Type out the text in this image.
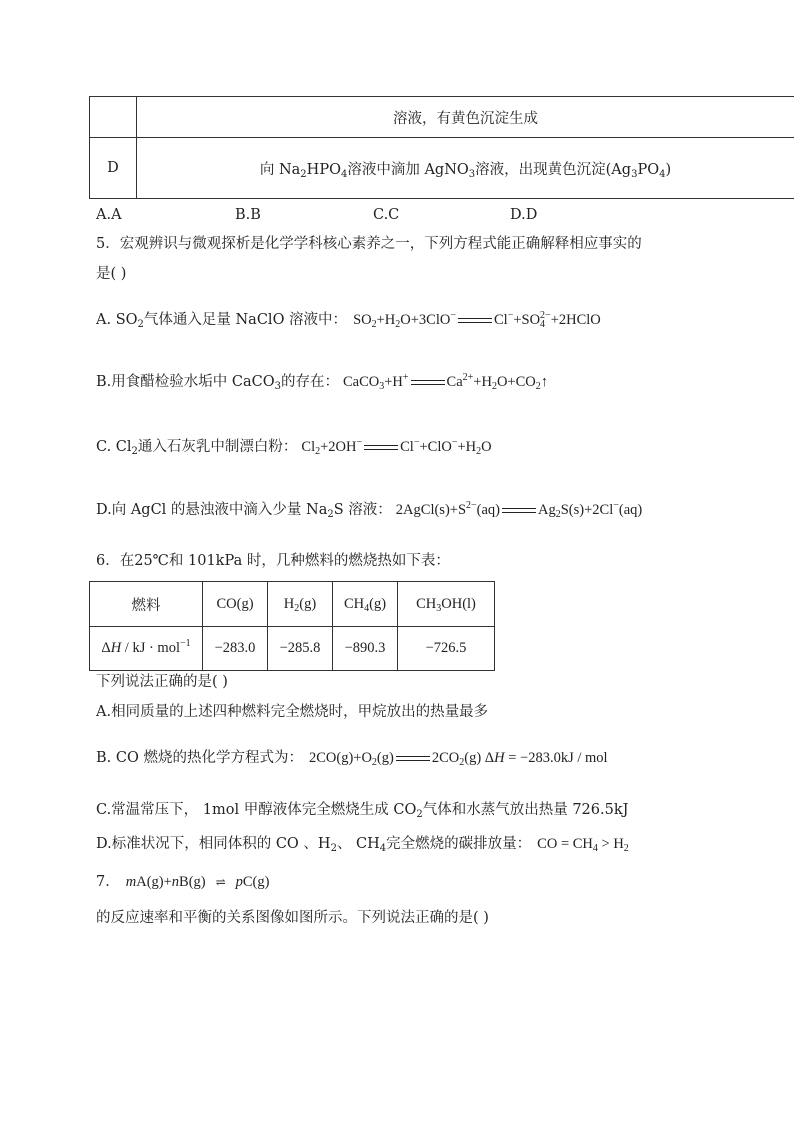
	溶液，有黄色沉淀生成
D	向 $Na_2HPO_4$溶液中滴加 AgNO$_3$溶液，出现黄色沉淀$(Ag_3PO_4)$
A.A	B.B	C.C	D.D
5．宏观辨识与微观探析是化学学科核心素养之一，下列方程式能正确解释相应事实的
是( )
A. $SO_2$气体通入足量 NaClO 溶液中： $SO_2+H_2O+3ClO^-$	$Cl^-+SO_4^{2-}+2HClO$
B.用食醋检验水垢中 CaCO$_3$的存在： CaCO$_3$+H+	$Ca^{2+}+H_2O+CO_2↑$
C. $Cl_2$通入石灰乳中制漂白粉： $Cl_2+2OH^-$	$Cl^-+ClO^-+H_2O$
D.向 AgCl 的悬浊液中滴入少量 $Na_2S$ 溶液： $2AgCl(s)+S^{2-}(aq)$	$Ag_2S(s)+2Cl^-(aq)$
6．在25℃和 101kPa 时，几种燃料的燃烧热如下表：
燃料	CO(g)	$H_2(g)$	$CH_4(g)$	$CH_3OH(l)$
ΔH / kJ · mol$^{-1}$	−283.0	−285.8	−890.3	−726.5
下列说法正确的是( )
A.相同质量的上述四种燃料完全燃烧时，甲烷放出的热量最多
B. CO 燃烧的热化学方程式为： $2CO(g)+O_2(g)$	$2CO_2(g) \Delta H = -283.0kJ$ / mol
C.常温常压下， 1mol 甲醇液体完全燃烧生成 $CO_2$气体和水蒸气放出热量 726.5kJ
D.标准状况下，相同体积的 CO 、$H_2$、 $CH_4$完全燃烧的碳排放量： CO = $CH_4 > H_2$
7． mA(g)+nB(g) ⇌ pC(g)
的反应速率和平衡的关系图像如图所示。下列说法正确的是( )
